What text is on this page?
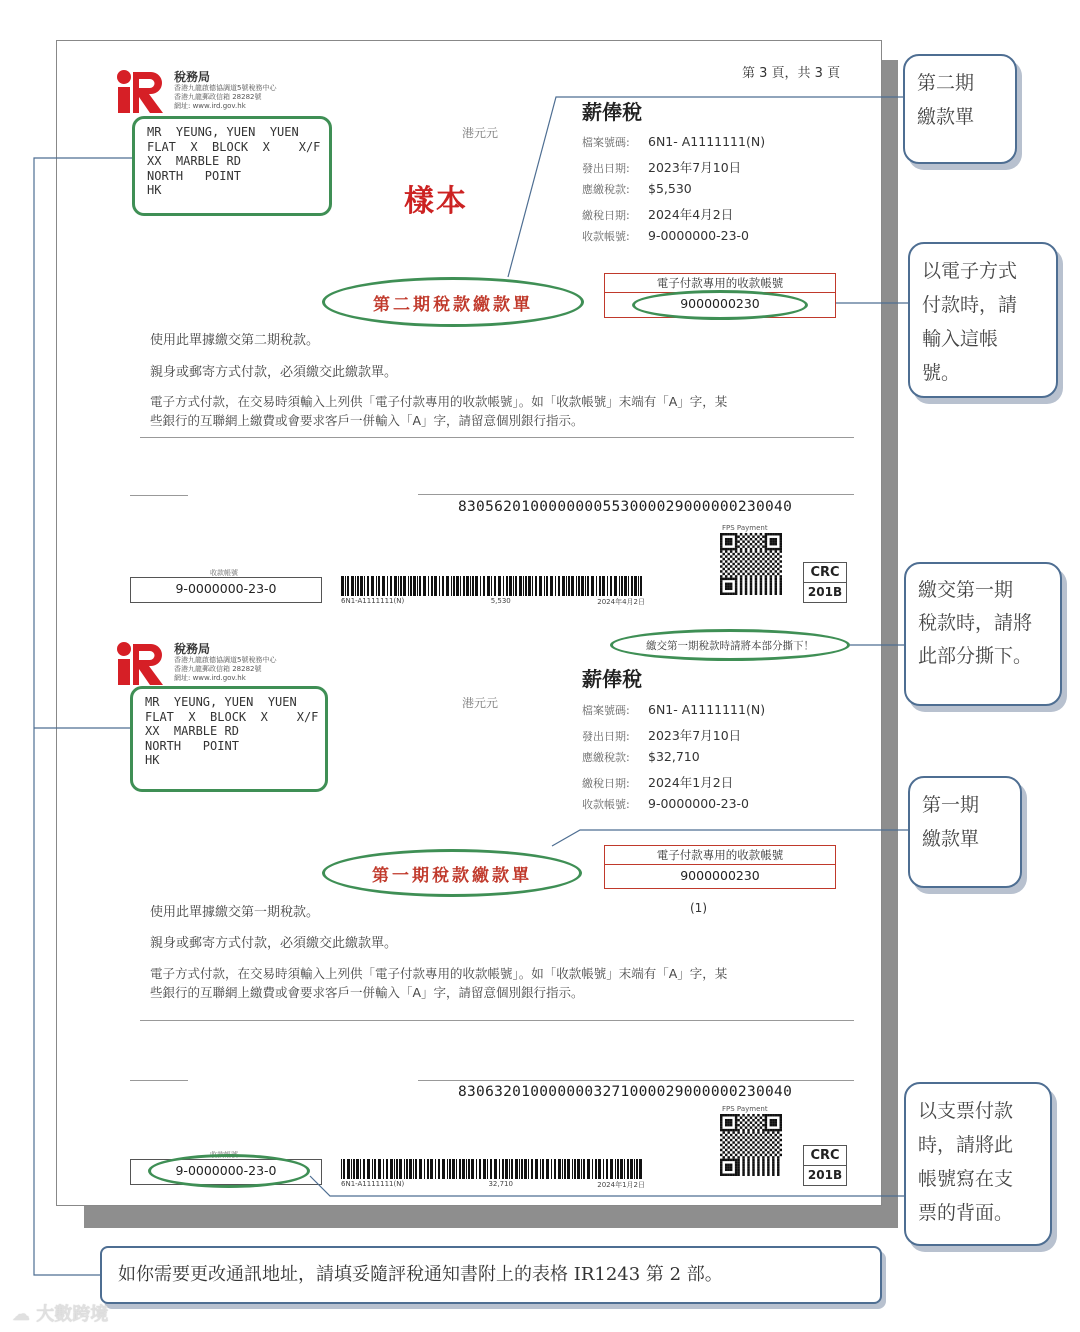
第 3 頁，共 3 頁
稅務局
香港九龍啟德協調道5號稅務中心
香港九龍郵政信箱 28282號
網址: www.ird.gov.hk
MR  YEUNG, YUEN  YUEN
FLAT  X  BLOCK  X    X/F
XX  MARBLE RD
NORTH   POINT
HK
港元元
樣本
薪俸稅
檔案號碼: 6N1- A1111111(N)
發出日期: 2023年7月10日
應繳稅款: $5,530
繳稅日期: 2024年4月2日
收款帳號: 9-0000000-23-0
電子付款專用的收款帳號
9000000230
第二期稅款繳款單
使用此單據繳交第二期稅款。
親身或郵寄方式付款，必須繳交此繳款單。
電子方式付款，在交易時須輸入上列供「電子付款專用的收款帳號」。如「收款帳號」末端有「A」字，某
些銀行的互聯網上繳費或會要求客戶一併輸入「A」字，請留意個別銀行指示。
8305620100000000553000029000000230040
收款帳號
9-0000000-23-0
6N1-A1111111(N)	5,530	2024年4月2日
FPS Payment
CRC
201B
繳交第一期稅款時請將本部分撕下！
稅務局
香港九龍啟德協調道5號稅務中心
香港九龍郵政信箱 28282號
網址: www.ird.gov.hk
MR  YEUNG, YUEN  YUEN
FLAT  X  BLOCK  X    X/F
XX  MARBLE RD
NORTH   POINT
HK
港元元
薪俸稅
檔案號碼: 6N1- A1111111(N)
發出日期: 2023年7月10日
應繳稅款: $32,710
繳稅日期: 2024年1月2日
收款帳號: 9-0000000-23-0
電子付款專用的收款帳號
9000000230
第一期稅款繳款單
使用此單據繳交第一期稅款。	(1)
親身或郵寄方式付款，必須繳交此繳款單。
電子方式付款，在交易時須輸入上列供「電子付款專用的收款帳號」。如「收款帳號」末端有「A」字，某
些銀行的互聯網上繳費或會要求客戶一併輸入「A」字，請留意個別銀行指示。
8306320100000003271000029000000230040
收款帳號
9-0000000-23-0
6N1-A1111111(N)	32,710	2024年1月2日
FPS Payment
CRC
201B
第二期
繳款單
以電子方式
付款時，請
輸入這帳
號。
繳交第一期
稅款時，請將
此部分撕下。
第一期
繳款單
以支票付款
時，請將此
帳號寫在支
票的背面。
如你需要更改通訊地址，請填妥隨評稅通知書附上的表格 IR1243 第 2 部。
☁ 大數跨境
